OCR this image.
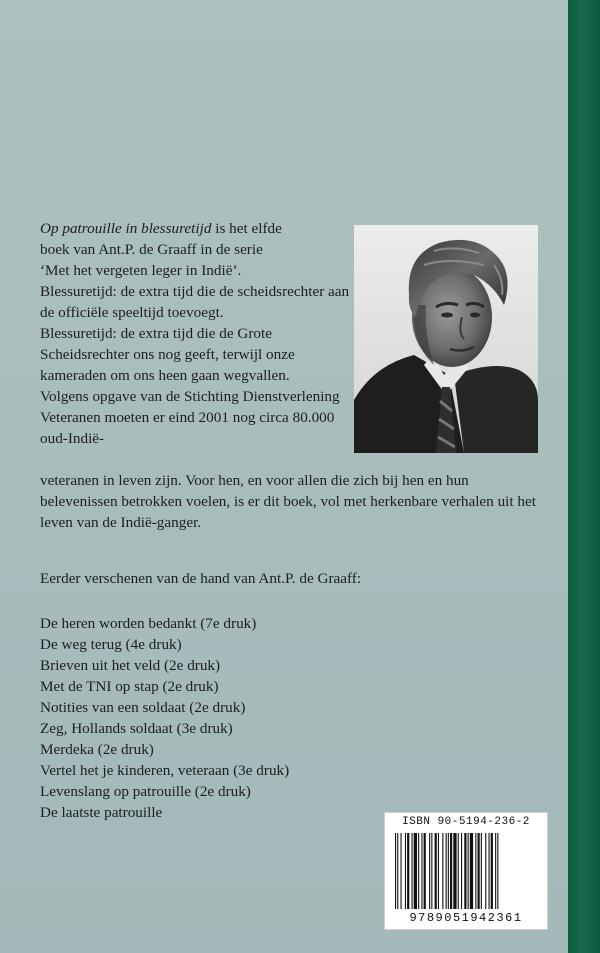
Op patrouille in blessuretijd is het elfde

boek van Ant.P. de Graaff in de serie

‘Met het vergeten leger in Indië’.

Blessuretijd: de extra tijd die de scheidsrechter aan de officiële speeltijd toevoegt.

Blessuretijd: de extra tijd die de Grote Scheidsrechter ons nog geeft, terwijl onze kameraden om ons heen gaan wegvallen.

Volgens opgave van de Stichting Dienstverlening Veteranen moeten er eind 2001 nog circa 80.000 oud-Indië-

veteranen in leven zijn. Voor hen, en voor allen die zich bij hen en hun belevenissen betrokken voelen, is er dit boek, vol met herkenbare verhalen uit het leven van de Indië-ganger.

Eerder verschenen van de hand van Ant.P. de Graaff:
De heren worden bedankt (7e druk)
De weg terug (4e druk)
Brieven uit het veld (2e druk)
Met de TNI op stap (2e druk)
Notities van een soldaat (2e druk)
Zeg, Hollands soldaat (3e druk)
Merdeka (2e druk)
Vertel het je kinderen, veteraan (3e druk)
Levenslang op patrouille (2e druk)
De laatste patrouille
ISBN 90-5194-236-2
9789051942361
